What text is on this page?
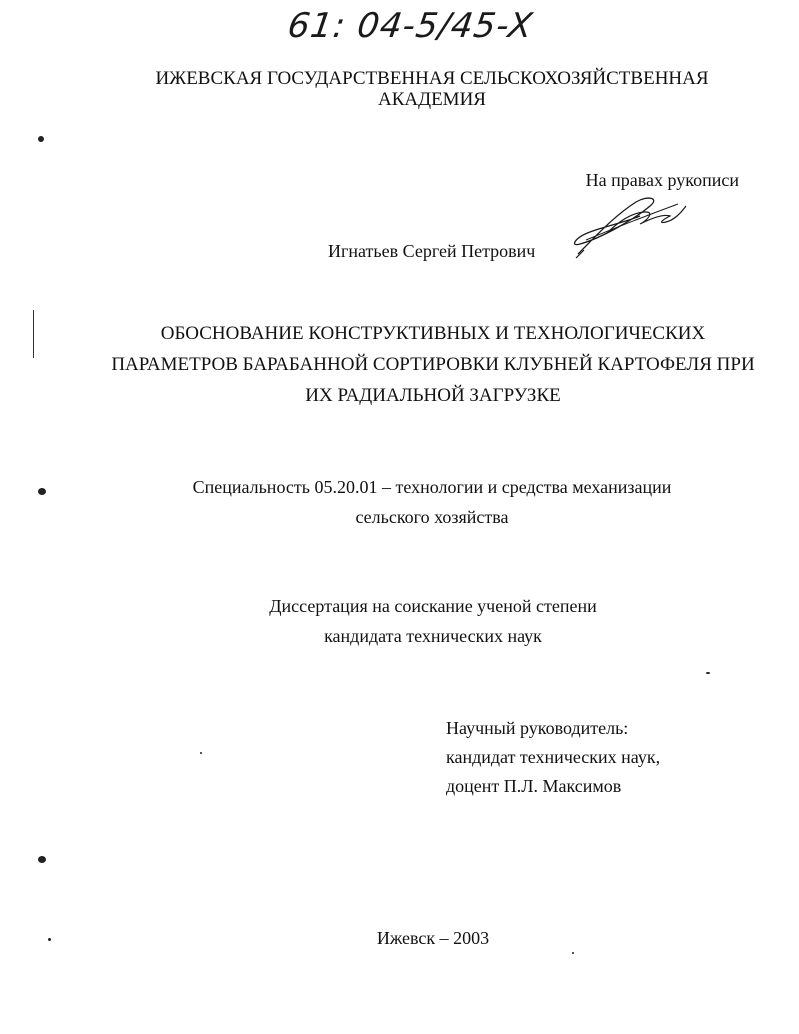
61: 04-5/45-X
ИЖЕВСКАЯ ГОСУДАРСТВЕННАЯ СЕЛЬСКОХОЗЯЙСТВЕННАЯ
АКАДЕМИЯ
На правах рукописи
Игнатьев Сергей Петрович
ОБОСНОВАНИЕ КОНСТРУКТИВНЫХ И ТЕХНОЛОГИЧЕСКИХ
ПАРАМЕТРОВ БАРАБАННОЙ СОРТИРОВКИ КЛУБНЕЙ КАРТОФЕЛЯ ПРИ
ИХ РАДИАЛЬНОЙ ЗАГРУЗКЕ
Специальность 05.20.01 – технологии и средства механизации
сельского хозяйства
Диссертация на соискание ученой степени
кандидата технических наук
Научный руководитель:
кандидат технических наук,
доцент П.Л. Максимов
Ижевск – 2003
